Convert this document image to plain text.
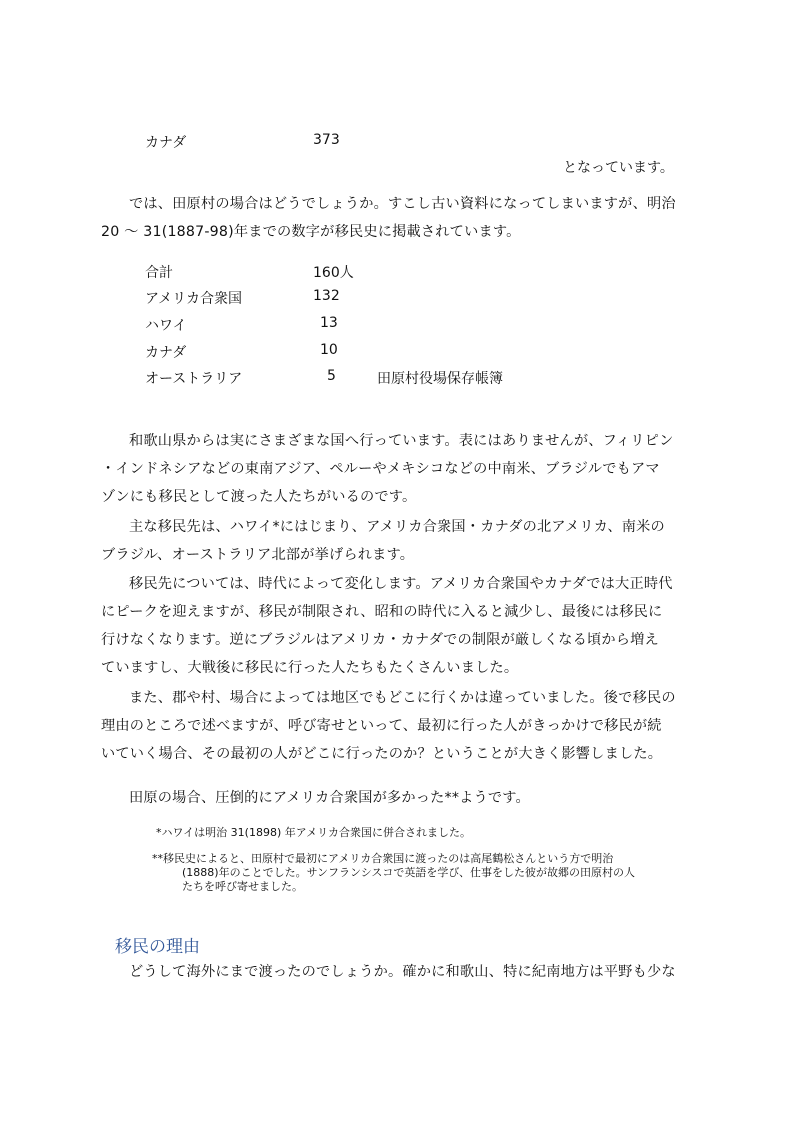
カナダ	373
となっています。
では、田原村の場合はどうでしょうか。すこし古い資料になってしまいますが、明治
20 ～ 31(1887-98)年までの数字が移民史に掲載されています。
合計	160人
アメリカ合衆国	132
ハワイ	13
カナダ	10
オーストラリア	5	田原村役場保存帳簿
和歌山県からは実にさまざまな国へ行っています。表にはありませんが、フィリピン
・インドネシアなどの東南アジア、ペルーやメキシコなどの中南米、ブラジルでもアマ
ゾンにも移民として渡った人たちがいるのです。
主な移民先は、ハワイ*にはじまり、アメリカ合衆国・カナダの北アメリカ、南米の
ブラジル、オーストラリア北部が挙げられます。
移民先については、時代によって変化します。アメリカ合衆国やカナダでは大正時代
にピークを迎えますが、移民が制限され、昭和の時代に入ると減少し、最後には移民に
行けなくなります。逆にブラジルはアメリカ・カナダでの制限が厳しくなる頃から増え
ていますし、大戦後に移民に行った人たちもたくさんいました。
また、郡や村、場合によっては地区でもどこに行くかは違っていました。後で移民の
理由のところで述べますが、呼び寄せといって、最初に行った人がきっかけで移民が続
いていく場合、その最初の人がどこに行ったのか？ということが大きく影響しました。
田原の場合、圧倒的にアメリカ合衆国が多かった**ようです。
*ハワイは明治 31(1898) 年アメリカ合衆国に併合されました。
**移民史によると、田原村で最初にアメリカ合衆国に渡ったのは高尾鶴松さんという方で明治
(1888)年のことでした。サンフランシスコで英語を学び、仕事をした彼が故郷の田原村の人
たちを呼び寄せました。
移民の理由
どうして海外にまで渡ったのでしょうか。確かに和歌山、特に紀南地方は平野も少な
